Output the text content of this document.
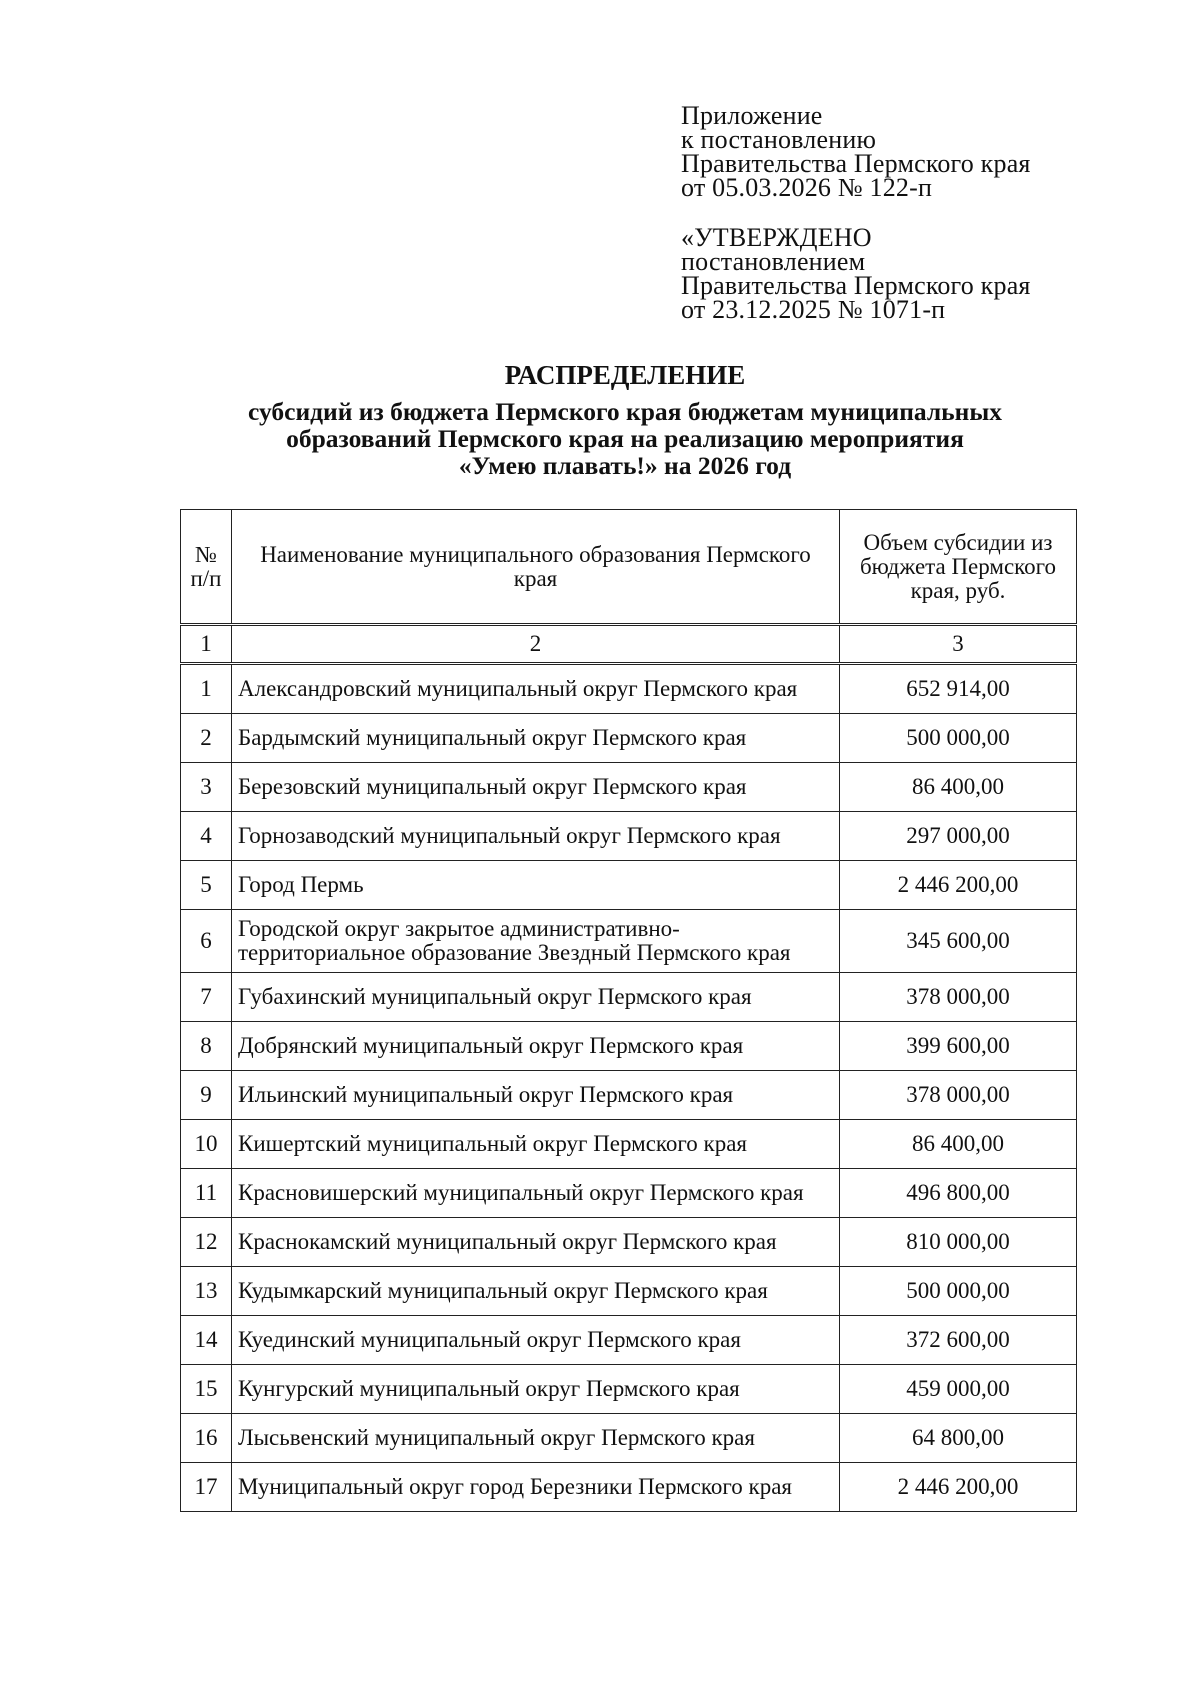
Приложение
к постановлению
Правительства Пермского края
от 05.03.2026 № 122-п
«УТВЕРЖДЕНО
постановлением
Правительства Пермского края
от 23.12.2025 № 1071-п
РАСПРЕДЕЛЕНИЕ
субсидий из бюджета Пермского края бюджетам муниципальных
образований Пермского края на реализацию мероприятия
«Умею плавать!» на 2026 год
№ п/п	Наименование муниципального образования Пермского края	Объем субсидии из бюджета Пермского края, руб.
1	2	3
1	Александровский муниципальный округ Пермского края	652 914,00
2	Бардымский муниципальный округ Пермского края	500 000,00
3	Березовский муниципальный округ Пермского края	86 400,00
4	Горнозаводский муниципальный округ Пермского края	297 000,00
5	Город Пермь	2 446 200,00
6	Городской округ закрытое административно-территориальное образование Звездный Пермского края	345 600,00
7	Губахинский муниципальный округ Пермского края	378 000,00
8	Добрянский муниципальный округ Пермского края	399 600,00
9	Ильинский муниципальный округ Пермского края	378 000,00
10	Кишертский муниципальный округ Пермского края	86 400,00
11	Красновишерский муниципальный округ Пермского края	496 800,00
12	Краснокамский муниципальный округ Пермского края	810 000,00
13	Кудымкарский муниципальный округ Пермского края	500 000,00
14	Куединский муниципальный округ Пермского края	372 600,00
15	Кунгурский муниципальный округ Пермского края	459 000,00
16	Лысьвенский муниципальный округ Пермского края	64 800,00
17	Муниципальный округ город Березники Пермского края	2 446 200,00
